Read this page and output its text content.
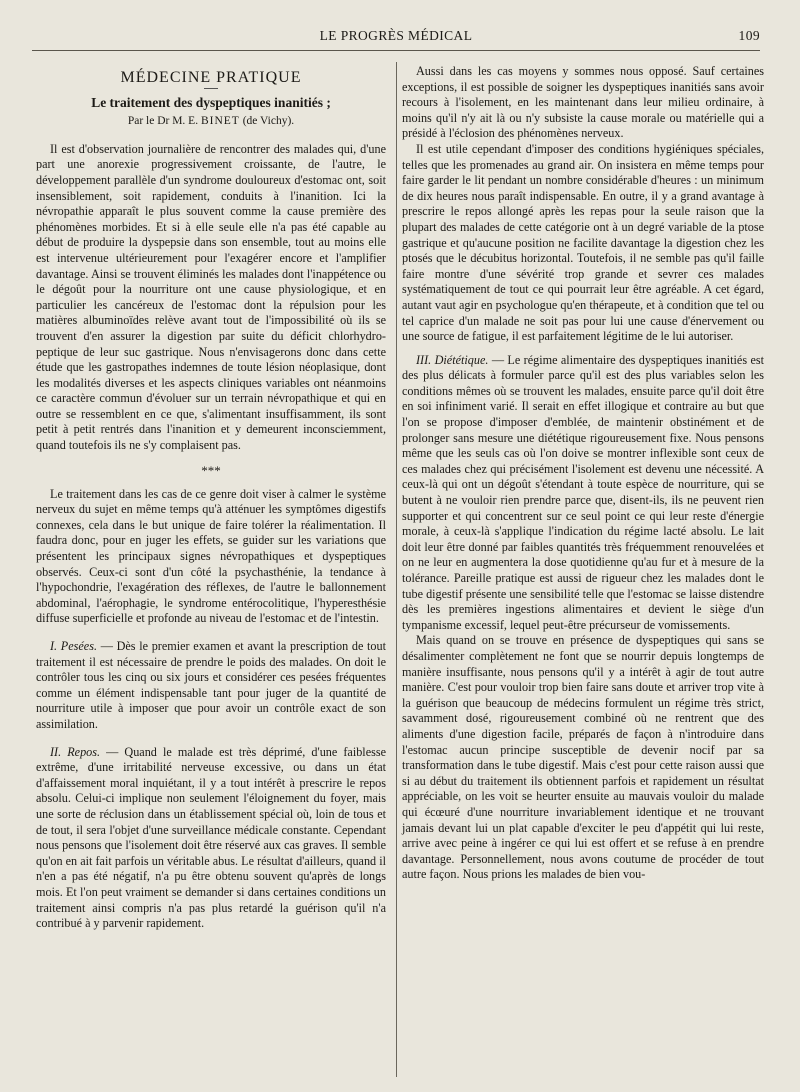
LE PROGRÈS MÉDICAL	109
MÉDECINE PRATIQUE
Le traitement des dyspeptiques inanitiés ;
Par le Dr M. E. BINET (de Vichy).

Il est d'observation journalière de rencontrer des malades qui, d'une part une anorexie progressivement croissante, de l'autre, le développement parallèle d'un syndrome douloureux d'estomac ont, soit insensiblement, soit rapidement, conduits à l'inanition. Ici la névropathie apparaît le plus souvent comme la cause première des phénomènes morbides. Et si à elle seule elle n'a pas été capable au début de produire la dyspepsie dans son ensemble, tout au moins elle est intervenue ultérieurement pour l'exagérer encore et l'amplifier davantage. Ainsi se trouvent éliminés les malades dont l'inappétence ou le dégoût pour la nourriture ont une cause physiologique, et en particulier les cancéreux de l'estomac dont la répulsion pour les matières albuminoïdes relève avant tout de l'impossibilité où ils se trouvent d'en assurer la digestion par suite du déficit chlorhydro-peptique de leur suc gastrique. Nous n'envisagerons donc dans cette étude que les gastropathes indemnes de toute lésion néoplasique, dont les modalités diverses et les aspects cliniques variables ont néanmoins ce caractère commun d'évoluer sur un terrain névropathique et qui en outre se ressemblent en ce que, s'alimentant insuffisamment, ils sont petit à petit rentrés dans l'inanition et y demeurent inconsciemment, quand toutefois ils ne s'y complaisent pas.

***

Le traitement dans les cas de ce genre doit viser à calmer le système nerveux du sujet en même temps qu'à atténuer les symptômes digestifs connexes, cela dans le but unique de faire tolérer la réalimentation. Il faudra donc, pour en juger les effets, se guider sur les variations que présentent les principaux signes névropathiques et dyspeptiques observés. Ceux-ci sont d'un côté la psychasthénie, la tendance à l'hypochondrie, l'exagération des réflexes, de l'autre le ballonnement abdominal, l'aérophagie, le syndrome entérocolitique, l'hyperesthésie diffuse superficielle et profonde au niveau de l'estomac et de l'intestin.

I. Pesées. — Dès le premier examen et avant la prescription de tout traitement il est nécessaire de prendre le poids des malades. On doit le contrôler tous les cinq ou six jours et considérer ces pesées fréquentes comme un élément indispensable tant pour juger de la quantité de nourriture utile à imposer que pour avoir un contrôle exact de son assimilation.

II. Repos. — Quand le malade est très déprimé, d'une faiblesse extrême, d'une irritabilité nerveuse excessive, ou dans un état d'affaissement moral inquiétant, il y a tout intérêt à prescrire le repos absolu. Celui-ci implique non seulement l'éloignement du foyer, mais une sorte de réclusion dans un établissement spécial où, loin de tous et de tout, il sera l'objet d'une surveillance médicale constante. Cependant nous pensons que l'isolement doit être réservé aux cas graves. Il semble qu'on en ait fait parfois un véritable abus. Le résultat d'ailleurs, quand il n'en a pas été négatif, n'a pu être obtenu souvent qu'après de longs mois. Et l'on peut vraiment se demander si dans certaines conditions un traitement ainsi compris n'a pas plus retardé la guérison qu'il n'a contribué à y parvenir rapidement.

Aussi dans les cas moyens y sommes nous opposé. Sauf certaines exceptions, il est possible de soigner les dyspeptiques inanitiés sans avoir recours à l'isolement, en les maintenant dans leur milieu ordinaire, à moins qu'il n'y ait là ou n'y subsiste la cause morale ou matérielle qui a présidé à l'éclosion des phénomènes nerveux.

Il est utile cependant d'imposer des conditions hygiéniques spéciales, telles que les promenades au grand air. On insistera en même temps pour faire garder le lit pendant un nombre considérable d'heures : un minimum de dix heures nous paraît indispensable. En outre, il y a grand avantage à prescrire le repos allongé après les repas pour la seule raison que la plupart des malades de cette catégorie ont à un degré variable de la ptose gastrique et qu'aucune position ne facilite davantage la digestion chez les ptosés que le décubitus horizontal. Toutefois, il ne semble pas qu'il faille faire montre d'une sévérité trop grande et sevrer ces malades systématiquement de tout ce qui pourrait leur être agréable. A cet égard, autant vaut agir en psychologue qu'en thérapeute, et à condition que tel ou tel caprice d'un malade ne soit pas pour lui une cause d'énervement ou une source de fatigue, il est parfaitement légitime de le lui autoriser.

III. Diététique. — Le régime alimentaire des dyspeptiques inanitiés est des plus délicats à formuler parce qu'il est des plus variables selon les conditions mêmes où se trouvent les malades, ensuite parce qu'il doit être en soi infiniment varié. Il serait en effet illogique et contraire au but que l'on se propose d'imposer d'emblée, de maintenir obstinément et de prolonger sans mesure une diététique rigoureusement fixe. Nous pensons même que les seuls cas où l'on doive se montrer inflexible sont ceux de ces malades chez qui précisément l'isolement est devenu une nécessité. A ceux-là qui ont un dégoût s'étendant à toute espèce de nourriture, qui se butent à ne vouloir rien prendre parce que, disent-ils, ils ne peuvent rien supporter et qui concentrent sur ce seul point ce qui leur reste d'énergie morale, à ceux-là s'applique l'indication du régime lacté absolu. Le lait doit leur être donné par faibles quantités très fréquemment renouvelées et on ne leur en augmentera la dose quotidienne qu'au fur et à mesure de la tolérance. Pareille pratique est aussi de rigueur chez les malades dont le tube digestif présente une sensibilité telle que l'estomac se laisse distendre dès les premières ingestions alimentaires et devient le siège d'un tympanisme excessif, lequel peut-être précurseur de vomissements.

Mais quand on se trouve en présence de dyspeptiques qui sans se désalimenter complètement ne font que se nourrir depuis longtemps de manière insuffisante, nous pensons qu'il y a intérêt à agir de tout autre manière. C'est pour vouloir trop bien faire sans doute et arriver trop vite à la guérison que beaucoup de médecins formulent un régime très strict, savamment dosé, rigoureusement combiné où ne rentrent que des aliments d'une digestion facile, préparés de façon à n'introduire dans l'estomac aucun principe susceptible de devenir nocif par sa transformation dans le tube digestif. Mais c'est pour cette raison aussi que si au début du traitement ils obtiennent parfois et rapidement un résultat appréciable, on les voit se heurter ensuite au mauvais vouloir du malade qui écœuré d'une nourriture invariablement identique et ne trouvant jamais devant lui un plat capable d'exciter le peu d'appétit qui lui reste, arrive avec peine à ingérer ce qui lui est offert et se refuse à en prendre davantage. Personnellement, nous avons coutume de procéder de tout autre façon. Nous prions les malades de bien vou-
